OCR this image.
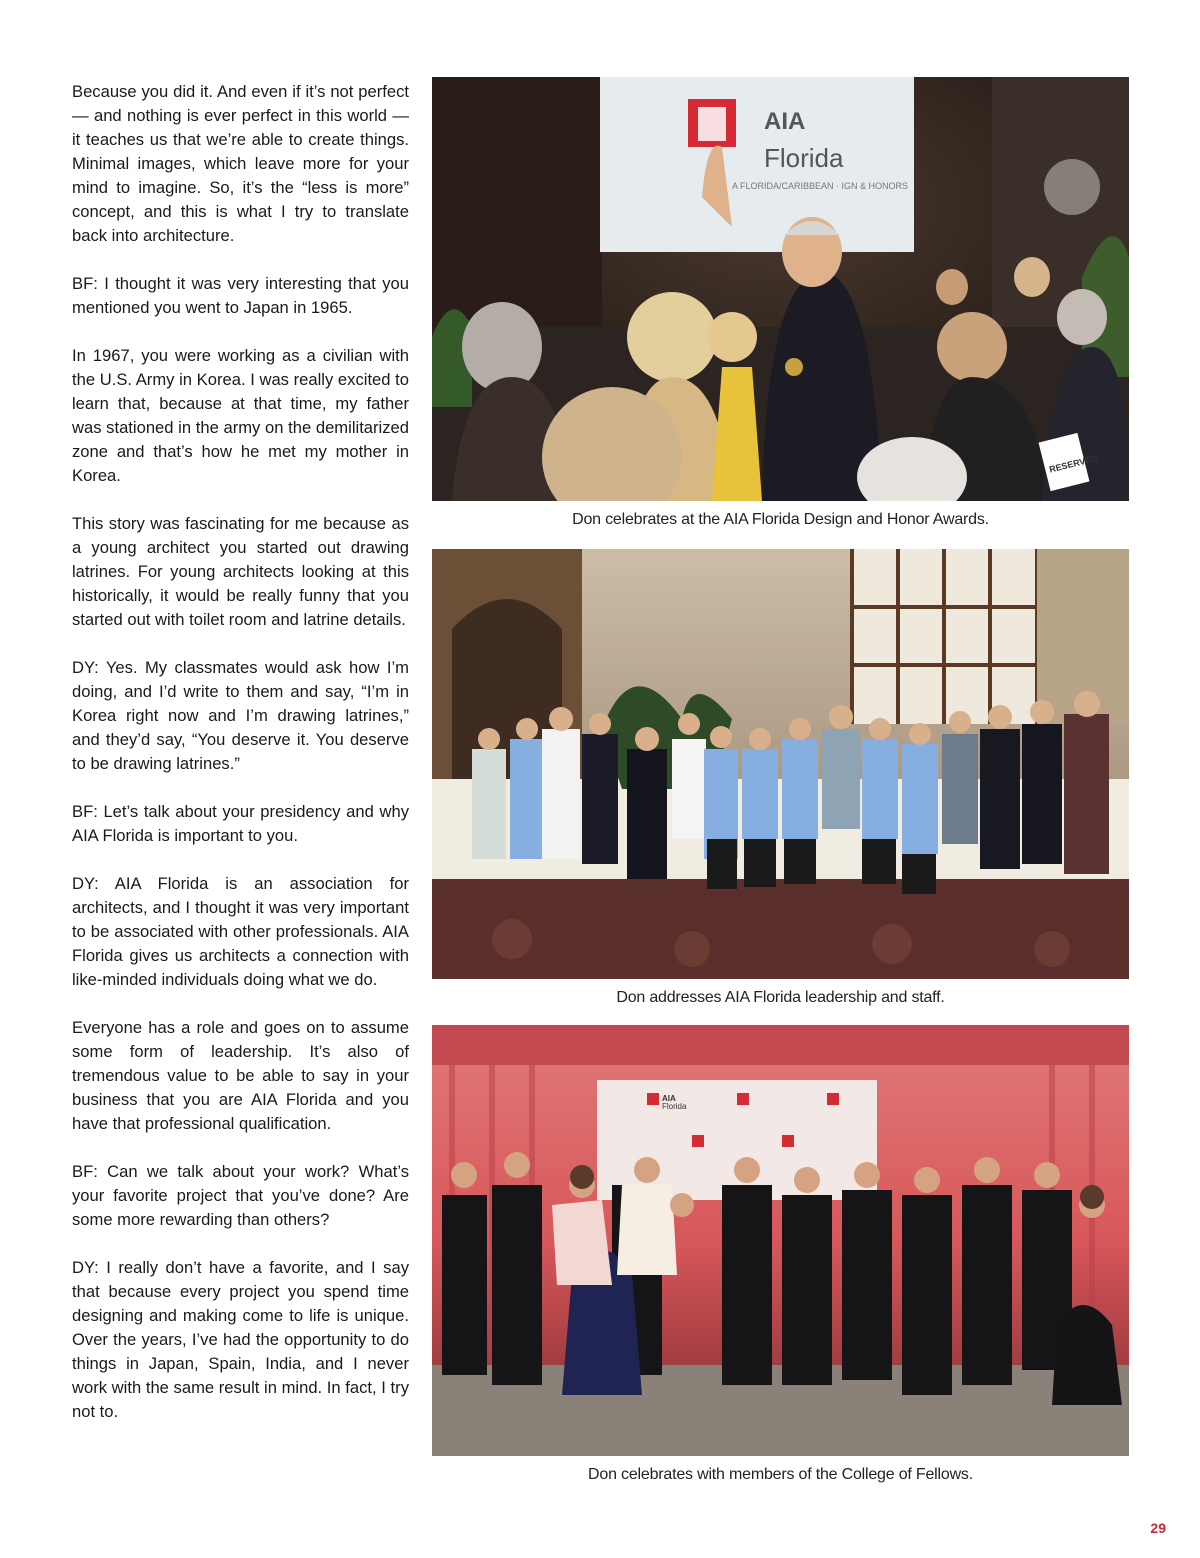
Because you did it. And even if it’s not perfect — and nothing is ever perfect in this world — it teaches us that we’re able to create things. Minimal images, which leave more for your mind to imagine. So, it’s the “less is more” concept, and this is what I try to translate back into architecture.

BF: I thought it was very interesting that you mentioned you went to Japan in 1965.

In 1967, you were working as a civilian with the U.S. Army in Korea. I was really excited to learn that, because at that time, my father was stationed in the army on the demilitarized zone and that’s how he met my mother in Korea.

This story was fascinating for me because as a young architect you started out drawing latrines. For young architects looking at this historically, it would be really funny that you started out with toilet room and latrine details.

DY: Yes. My classmates would ask how I’m doing, and I’d write to them and say, “I’m in Korea right now and I’m drawing latrines,” and they’d say, “You deserve it. You deserve to be drawing latrines.”

BF: Let’s talk about your presidency and why AIA Florida is important to you.

DY: AIA Florida is an association for architects, and I thought it was very important to be associated with other professionals. AIA Florida gives us architects a connection with like-minded individuals doing what we do.

Everyone has a role and goes on to assume some form of leadership. It’s also of tremendous value to be able to say in your business that you are AIA Florida and you have that professional qualification.

BF: Can we talk about your work? What’s your favorite project that you’ve done? Are some more rewarding than others?

DY: I really don’t have a favorite, and I say that because every project you spend time designing and making come to life is unique. Over the years, I’ve had the opportunity to do things in Japan, Spain, India, and I never work with the same result in mind. In fact, I try not to.

AIA
Florida
A FLORIDA/CARIBBEAN · IGN & HONORS
RESERVED
Don celebrates at the AIA Florida Design and Honor Awards.
Don addresses AIA Florida leadership and staff.
AIA
Florida
Don celebrates with members of the College of Fellows.
29
